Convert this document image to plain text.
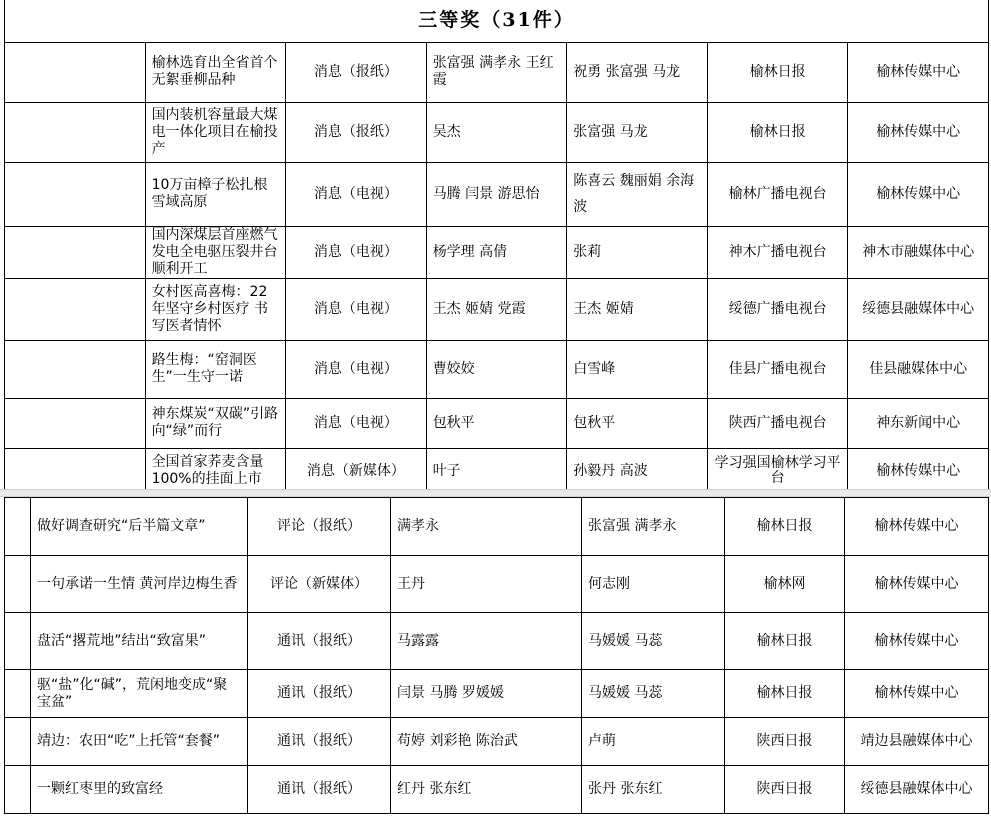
三等奖（31件）						
	榆林选育出全省首个无絮垂柳品种	消息（报纸）	张富强 满孝永 王红霞	祝勇 张富强 马龙	榆林日报	榆林传媒中心
	国内装机容量最大煤电一体化项目在榆投产	消息（报纸）	吴杰	张富强 马龙	榆林日报	榆林传媒中心
	10万亩樟子松扎根雪域高原	消息（电视）	马腾 闫景 游思怡	陈喜云 魏丽娟 余海波	榆林广播电视台	榆林传媒中心
	国内深煤层首座燃气发电全电驱压裂井台顺利开工	消息（电视）	杨学理 高倩	张莉	神木广播电视台	神木市融媒体中心
	女村医高喜梅：22年坚守乡村医疗 书写医者情怀	消息（电视）	王杰 姬婧 党霞	王杰 姬婧	绥德广播电视台	绥德县融媒体中心
	路生梅：“窑洞医生”一生守一诺	消息（电视）	曹姣姣	白雪峰	佳县广播电视台	佳县融媒体中心
	神东煤炭“双碳”引路 向“绿”而行	消息（电视）	包秋平	包秋平	陕西广播电视台	神东新闻中心
	全国首家荞麦含量100%的挂面上市	消息（新媒体）	叶子	孙毅丹 高波	学习强国榆林学习平台	榆林传媒中心
	做好调查研究“后半篇文章”	评论（报纸）	满孝永	张富强 满孝永	榆林日报	榆林传媒中心
	一句承诺一生情 黄河岸边梅生香	评论（新媒体）	王丹	何志刚	榆林网	榆林传媒中心
	盘活“撂荒地”结出“致富果”	通讯（报纸）	马露露	马媛媛 马蕊	榆林日报	榆林传媒中心
	驱“盐”化“碱”，荒闲地变成“聚宝盆”	通讯（报纸）	闫景 马腾 罗媛媛	马媛媛 马蕊	榆林日报	榆林传媒中心
	靖边：农田“吃”上托管“套餐”	通讯（报纸）	苟婷 刘彩艳 陈治武	卢萌	陕西日报	靖边县融媒体中心
	一颗红枣里的致富经	通讯（报纸）	红丹 张东红	张丹 张东红	陕西日报	绥德县融媒体中心
